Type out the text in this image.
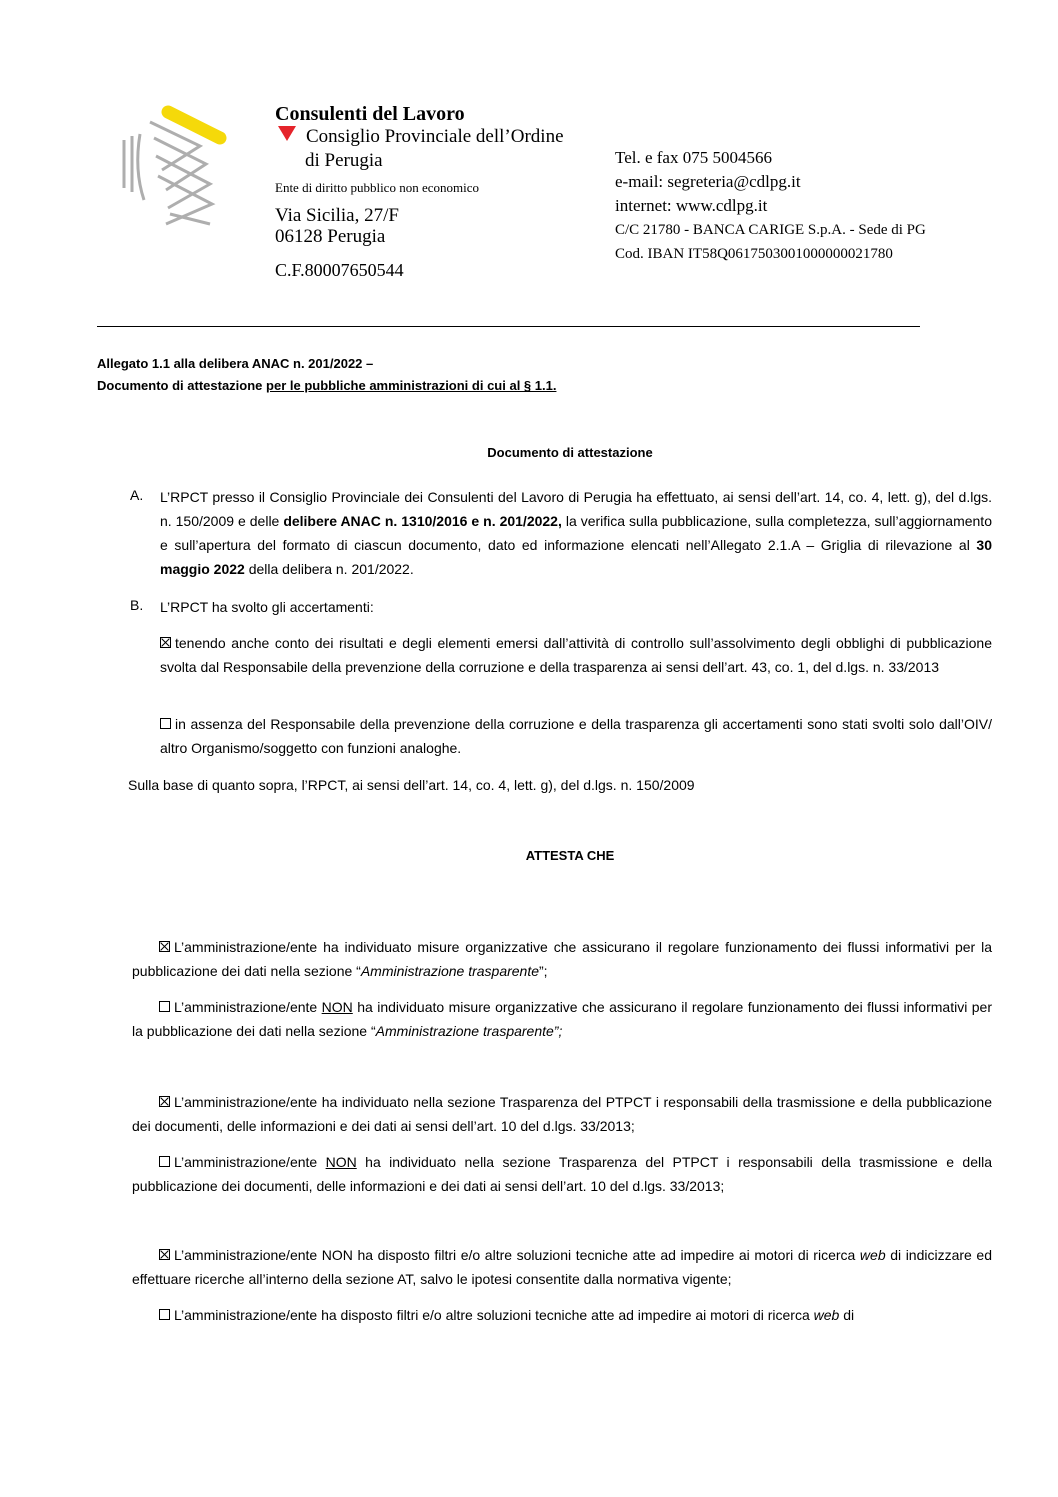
Consulenti del Lavoro
Consiglio Provinciale dell’Ordine
di Perugia
Ente di diritto pubblico non economico
Via Sicilia, 27/F
06128 Perugia
C.F.80007650544
Tel. e fax 075 5004566
e-mail: segreteria@cdlpg.it
internet: www.cdlpg.it
C/C 21780 - BANCA CARIGE S.p.A. - Sede di PG
Cod. IBAN IT58Q0617503001000000021780
Allegato 1.1 alla delibera ANAC n. 201/2022 –
Documento di attestazione per le pubbliche amministrazioni di cui al § 1.1.
Documento di attestazione
A. L’RPCT presso il Consiglio Provinciale dei Consulenti del Lavoro di Perugia ha effettuato, ai sensi dell’art. 14, co. 4, lett. g), del d.lgs. n. 150/2009 e delle delibere ANAC n. 1310/2016 e n. 201/2022, la verifica sulla pubblicazione, sulla completezza, sull’aggiornamento e sull’apertura del formato di ciascun documento, dato ed informazione elencati nell’Allegato 2.1.A – Griglia di rilevazione al 30 maggio 2022 della delibera n. 201/2022.
B. L’RPCT ha svolto gli accertamenti:
tenendo anche conto dei risultati e degli elementi emersi dall’attività di controllo sull’assolvimento degli obblighi di pubblicazione svolta dal Responsabile della prevenzione della corruzione e della trasparenza ai sensi dell’art. 43, co. 1, del d.lgs. n. 33/2013
in assenza del Responsabile della prevenzione della corruzione e della trasparenza gli accertamenti sono stati svolti solo dall’OIV/ altro Organismo/soggetto con funzioni analoghe.
Sulla base di quanto sopra, l’RPCT, ai sensi dell’art. 14, co. 4, lett. g), del d.lgs. n. 150/2009
ATTESTA CHE
L’amministrazione/ente ha individuato misure organizzative che assicurano il regolare funzionamento dei flussi informativi per la pubblicazione dei dati nella sezione “Amministrazione trasparente”;
L’amministrazione/ente NON ha individuato misure organizzative che assicurano il regolare funzionamento dei flussi informativi per la pubblicazione dei dati nella sezione “Amministrazione trasparente”;
L’amministrazione/ente ha individuato nella sezione Trasparenza del PTPCT i responsabili della trasmissione e della pubblicazione dei documenti, delle informazioni e dei dati ai sensi dell’art. 10 del d.lgs. 33/2013;
L’amministrazione/ente NON ha individuato nella sezione Trasparenza del PTPCT i responsabili della trasmissione e della pubblicazione dei documenti, delle informazioni e dei dati ai sensi dell’art. 10 del d.lgs. 33/2013;
L’amministrazione/ente NON ha disposto filtri e/o altre soluzioni tecniche atte ad impedire ai motori di ricerca web di indicizzare ed effettuare ricerche all’interno della sezione AT, salvo le ipotesi consentite dalla normativa vigente;
L’amministrazione/ente ha disposto filtri e/o altre soluzioni tecniche atte ad impedire ai motori di ricerca web di
